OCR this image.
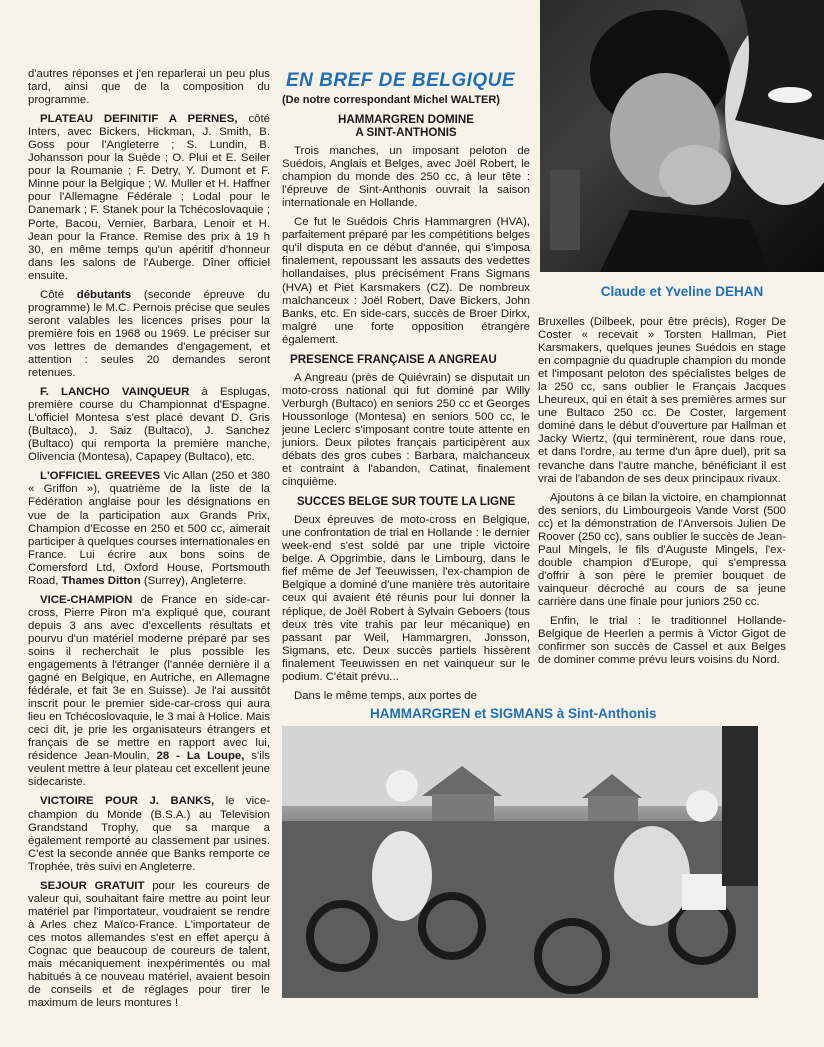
d'autres réponses et j'en reparlerai un peu plus tard, ainsi que de la composition du programme.

PLATEAU DEFINITIF A PERNES, côté Inters, avec Bickers, Hickman, J. Smith, B. Goss pour l'Angleterre ; S. Lundin, B. Johansson pour la Suède ; O. Plui et E. Seiler pour la Roumanie ; F. Detry, Y. Dumont et F. Minne pour la Belgique ; W. Muller et H. Haffner pour l'Allemagne Fédérale ; Lodal pour le Danemark ; F. Stanek pour la Tchécoslovaquie ; Porte, Bacou, Vernier, Barbara, Lenoir et H. Jean pour la France. Remise des prix à 19 h 30, en même temps qu'un apéritif d'honneur dans les salons de l'Auberge. Dîner officiel ensuite.

Côté débutants (seconde épreuve du programme) le M.C. Pernois précise que seules seront valables les licences prises pour la première fois en 1968 ou 1969. Le préciser sur vos lettres de demandes d'engagement, et attention : seules 20 demandes seront retenues.

F. LANCHO VAINQUEUR à Esplugas, première course du Championnat d'Espagne. L'officiel Montesa s'est placé devant D. Gris (Bultaco), J. Saiz (Bultaco), J. Sanchez (Bultaco) qui remporta la première manche, Olivencia (Montesa), Capapey (Bultaco), etc.

L'OFFICIEL GREEVES Vic Allan (250 et 380 « Griffon »), quatrième de la liste de la Fédération anglaise pour les désignations en vue de la participation aux Grands Prix, Champion d'Ecosse en 250 et 500 cc, aimerait participer à quelques courses internationales en France. Lui écrire aux bons soins de Comersford Ltd, Oxford House, Portsmouth Road, Thames Ditton (Surrey), Angleterre.

VICE-CHAMPION de France en side-car-cross, Pierre Piron m'a expliqué que, courant depuis 3 ans avec d'excellents résultats et pourvu d'un matériel moderne préparé par ses soins il recherchait le plus possible les engagements à l'étranger (l'année dernière il a gagné en Belgique, en Autriche, en Allemagne fédérale, et fait 3e en Suisse). Je l'ai aussitôt inscrit pour le premier side-car-cross qui aura lieu en Tchécoslovaquie, le 3 mai à Holice. Mais ceci dit, je prie les organisateurs étrangers et français de se mettre en rapport avec lui, résidence Jean-Moulin, 28 - La Loupe, s'ils veulent mettre à leur plateau cet excellent jeune sidecariste.

VICTOIRE POUR J. BANKS, le vice-champion du Monde (B.S.A.) au Television Grandstand Trophy, que sa marque a également remporté au classement par usines. C'est la seconde année que Banks remporte ce Trophée, très suivi en Angleterre.

SEJOUR GRATUIT pour les coureurs de valeur qui, souhaitant faire mettre au point leur matériel par l'importateur, voudraient se rendre à Arles chez Maïco-France. L'importateur de ces motos allemandes s'est en effet aperçu à Cognac que beaucoup de coureurs de talent, mais mécaniquement inexpérimentés ou mal habitués à ce nouveau matériel, avaient besoin de conseils et de réglages pour tirer le maximum de leurs montures !

EN BREF DE BELGIQUE

(De notre correspondant Michel WALTER)

HAMMARGREN DOMINE
A SINT-ANTHONIS

Trois manches, un imposant peloton de Suédois, Anglais et Belges, avec Joël Robert, le champion du monde des 250 cc, à leur tête : l'épreuve de Sint-Anthonis ouvrait la saison internationale en Hollande.

Ce fut le Suédois Chris Hammargren (HVA), parfaitement préparé par les compétitions belges qu'il disputa en ce début d'année, qui s'imposa finalement, repoussant les assauts des vedettes hollandaises, plus précisément Frans Sigmans (HVA) et Piet Karsmakers (CZ). De nombreux malchanceux : Joël Robert, Dave Bickers, John Banks, etc. En side-cars, succès de Broer Dirkx, malgré une forte opposition étrangère également.

PRESENCE FRANÇAISE A ANGREAU

A Angreau (près de Quiévrain) se disputait un moto-cross national qui fut dominé par Willy Verburgh (Bultaco) en seniors 250 cc et Georges Houssonloge (Montesa) en seniors 500 cc, le jeune Leclerc s'imposant contre toute attente en juniors. Deux pilotes français participèrent aux débats des gros cubes : Barbara, malchanceux et contraint à l'abandon, Catinat, finalement cinquième.

SUCCES BELGE SUR TOUTE LA LIGNE

Deux épreuves de moto-cross en Belgique, une confrontation de trial en Hollande : le dernier week-end s'est soldé par une triple victoire belge. A Opgrimbie, dans le Limbourg, dans le fief même de Jef Teeuwissen, l'ex-champion de Belgique a dominé d'une manière très autoritaire ceux qui avaient été réunis pour lui donner la réplique, de Joël Robert à Sylvain Geboers (tous deux très vite trahis par leur mécanique) en passant par Weil, Hammargren, Jonsson, Sigmans, etc. Deux succès partiels hissèrent finalement Teeuwissen en net vainqueur sur le podium. C'était prévu...

Dans le même temps, aux portes de

Claude et Yveline DEHAN

Bruxelles (Dilbeek, pour être précis), Roger De Coster « recevait » Torsten Hallman, Piet Karsmakers, quelques jeunes Suédois en stage en compagnie du quadruple champion du monde et l'imposant peloton des spécialistes belges de la 250 cc, sans oublier le Français Jacques Lheureux, qui en était à ses premières armes sur une Bultaco 250 cc. De Coster, largement dominé dans le début d'ouverture par Hallman et Jacky Wiertz, (qui terminèrent, roue dans roue, et dans l'ordre, au terme d'un âpre duel), prit sa revanche dans l'autre manche, bénéficiant il est vrai de l'abandon de ses deux principaux rivaux.

Ajoutons à ce bilan la victoire, en championnat des seniors, du Limbourgeois Vande Vorst (500 cc) et la démonstration de l'Anversois Julien De Roover (250 cc), sans oublier le succès de Jean-Paul Mingels, le fils d'Auguste Mingels, l'ex-double champion d'Europe, qui s'empressa d'offrir à son père le premier bouquet de vainqueur décroché au cours de sa jeune carrière dans une finale pour juniors 250 cc.

Enfin, le trial : le traditionnel Hollande-Belgique de Heerlen a permis à Victor Gigot de confirmer son succès de Cassel et aux Belges de dominer comme prévu leurs voisins du Nord.

HAMMARGREN et SIGMANS à Sint-Anthonis
